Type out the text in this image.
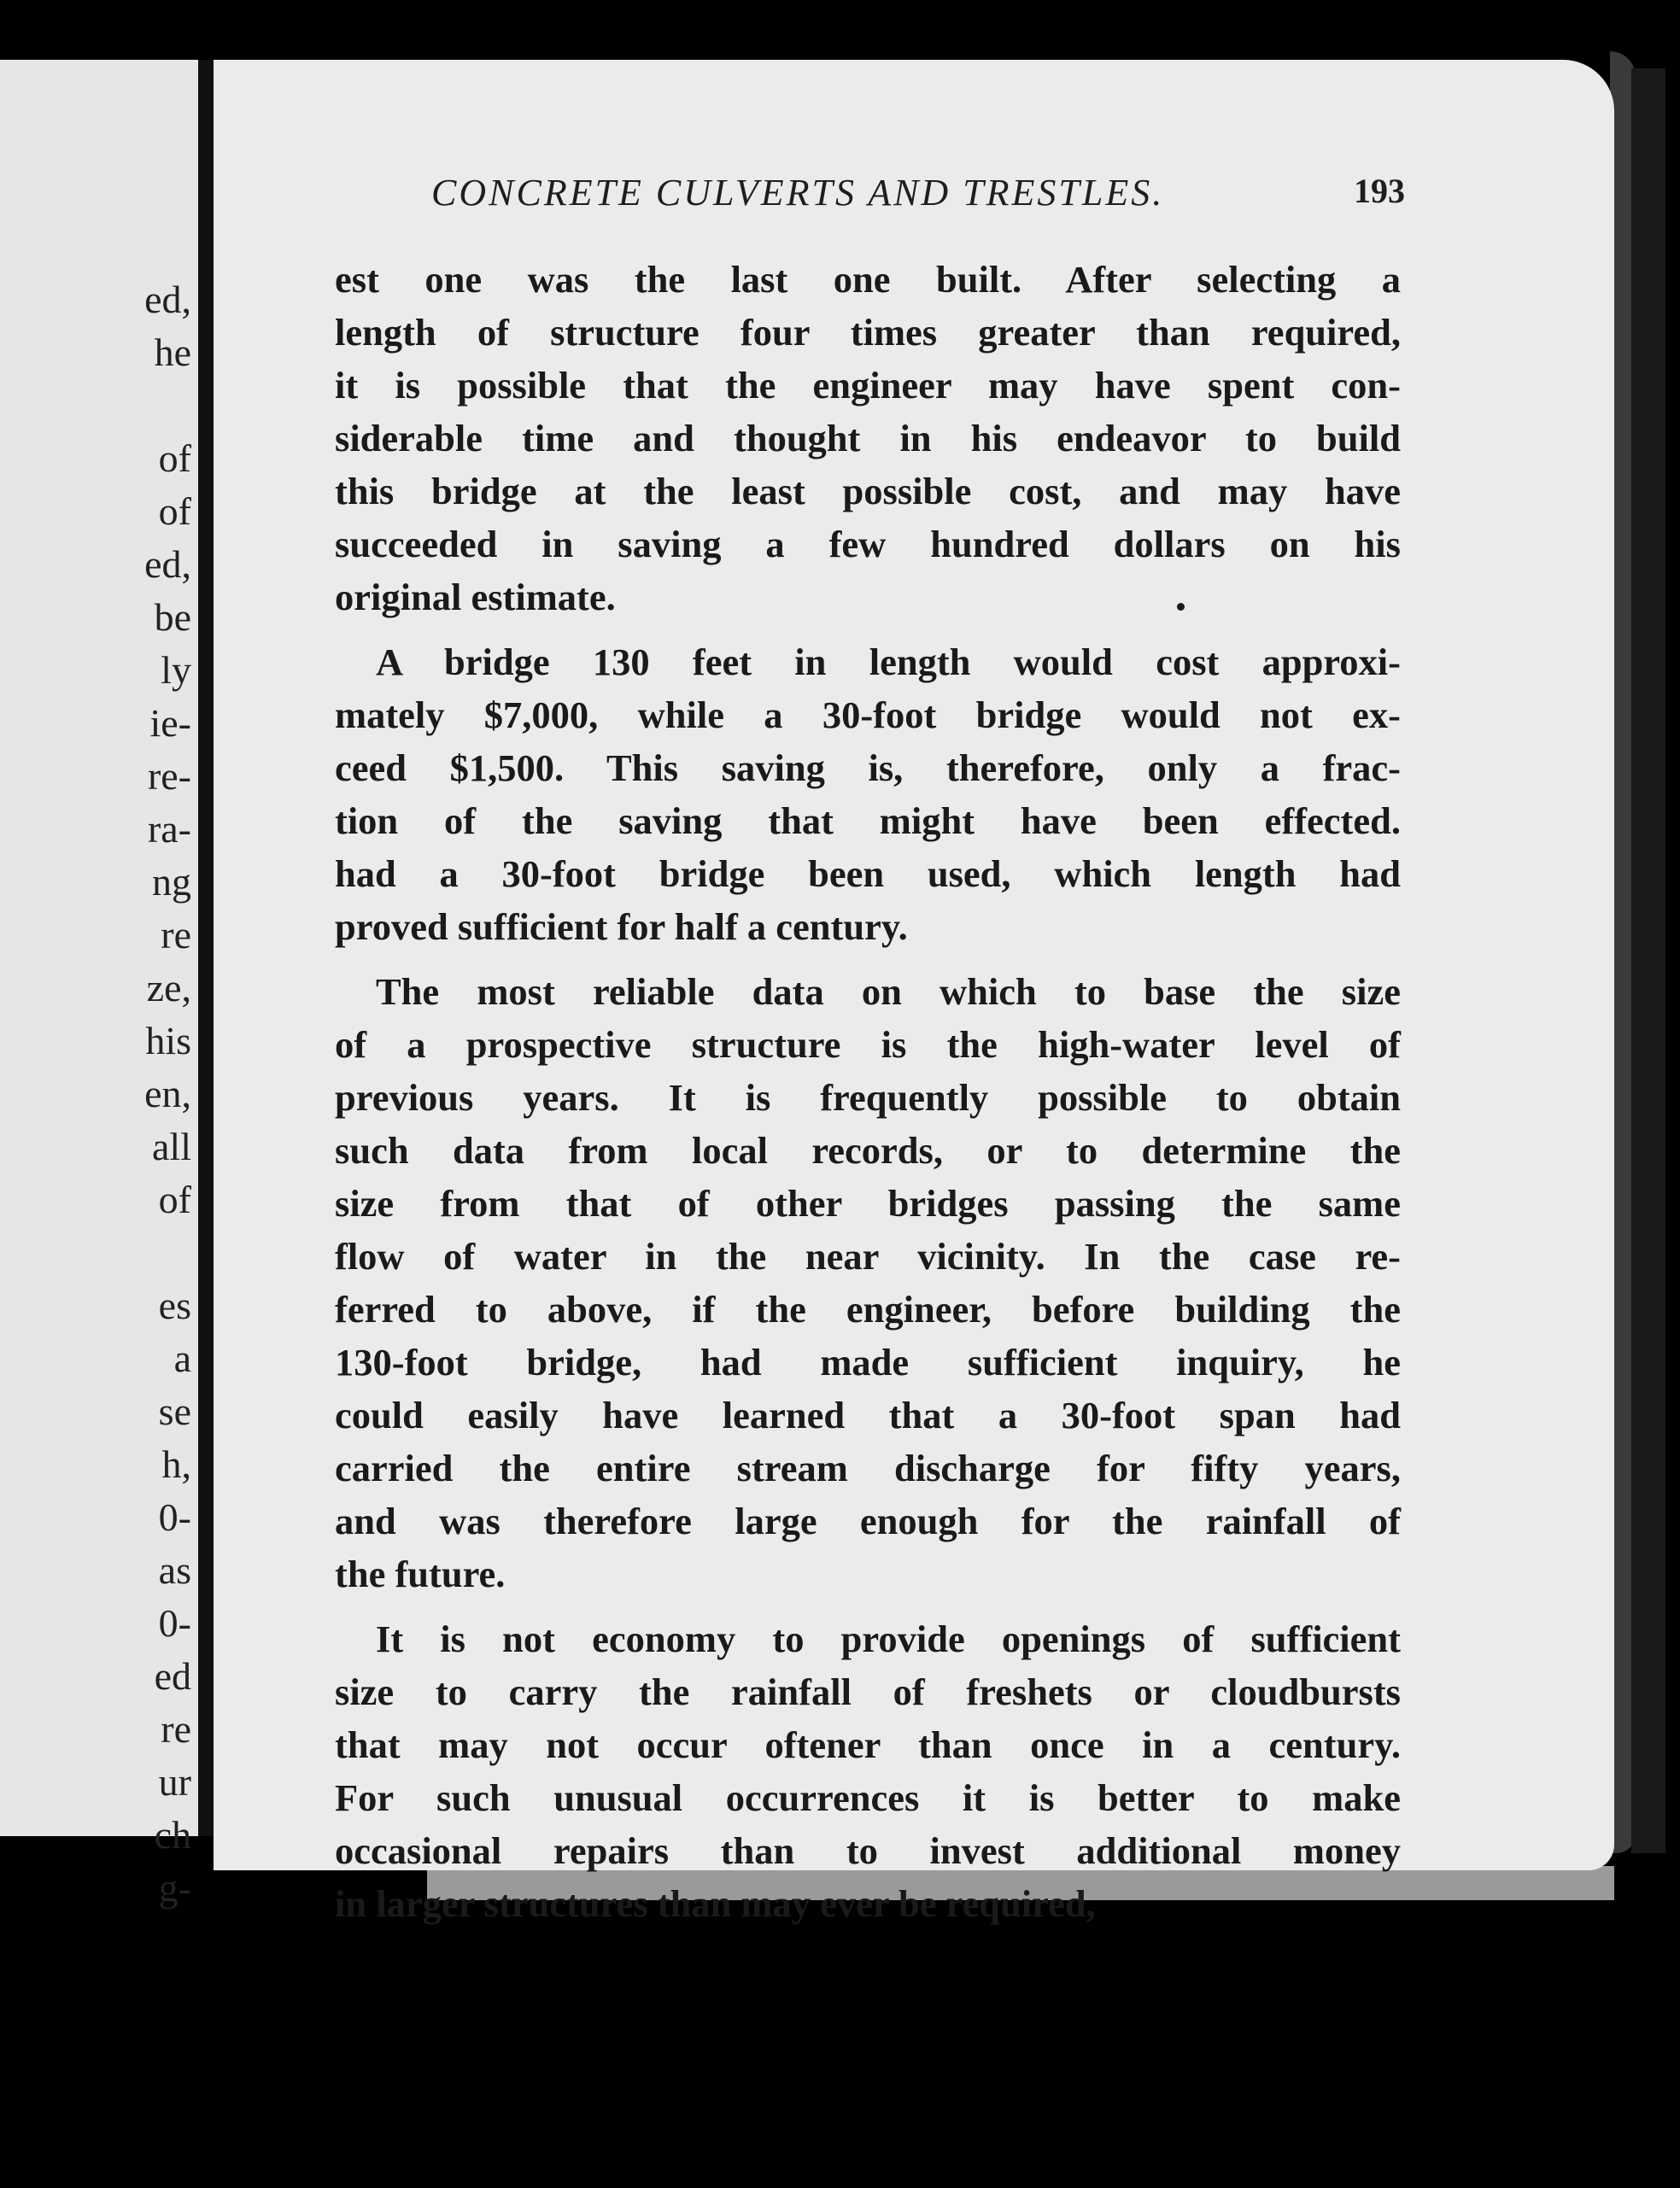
ed,
he
of
of
ed,
be
ly
ie-
re-
ra-
ng
re
ze,
his
en,
all
of
es
a
se
h,
0-
as
0-
ed
re
ur
ch
g-
CONCRETE CULVERTS AND TRESTLES.	193
est one was the last one built. After selecting a
length of structure four times greater than required,
it is possible that the engineer may have spent con-
siderable time and thought in his endeavor to build
this bridge at the least possible cost, and may have
succeeded in saving a few hundred dollars on his
original estimate.
A bridge 130 feet in length would cost approxi-
mately $7,000, while a 30-foot bridge would not ex-
ceed $1,500. This saving is, therefore, only a frac-
tion of the saving that might have been effected.
had a 30-foot bridge been used, which length had
proved sufficient for half a century.
The most reliable data on which to base the size
of a prospective structure is the high-water level of
previous years. It is frequently possible to obtain
such data from local records, or to determine the
size from that of other bridges passing the same
flow of water in the near vicinity. In the case re-
ferred to above, if the engineer, before building the
130-foot bridge, had made sufficient inquiry, he
could easily have learned that a 30-foot span had
carried the entire stream discharge for fifty years,
and was therefore large enough for the rainfall of
the future.
It is not economy to provide openings of sufficient
size to carry the rainfall of freshets or cloudbursts
that may not occur oftener than once in a century.
For such unusual occurrences it is better to make
occasional repairs than to invest additional money
in larger structures than may ever be required,
